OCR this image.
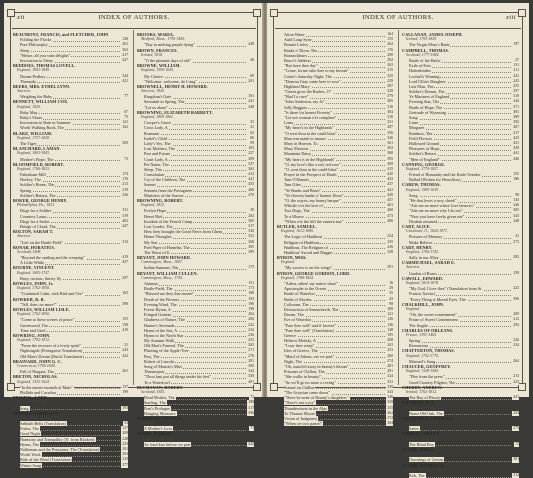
xii	INDEX OF AUTHORS.
BEAUMONT, FRANCIS, and FLETCHER, JOHN
Folding the Flocks	128
Pure Philosophy	201
Sleep	363
"Hence, all you vain delights"	417
Invocation to Sleep	427
BEDDOES, THOMAS LOVELL.
England, 1803-1849.
Dream-Pedlary	344
Threnody	421
BEERS, MRS. ETHEL LYNN.
America.
Weighing the Baby	77
BENNETT, WILLIAM COX.
England, 1820.
Baby May	67
Baby's Shoes	75
Invocation to Rain in Summer	141
Worth Walking Rook, The	162
BLAKE, WILLIAM.
England, 1757-1828.
The Tiger	300
BLANCHARD, LAMAN.
England, 1803-1845.
Mother's Hope, The	73
BLOOMFIELD, ROBERT.
England, 1766-1823.
Fakenham Mill	174
Horkey, The	176
Soldier's Home, The	213
Spring	219
Soldier's Return, The	236
BOKER, GEORGE HENRY.
Philadelphia, Pa., 1823.
Dirge for a Soldier	311
Countess Laura	319
Dirge for a Sailor	402
Bridge of Cloud, The	447
BOLTON, SARAH T.
America.
"Left on the Battle-Field"	313
BONAR, HORATIUS.
Scotland, 1808.
"Beyond the smiling and the weeping"	419
A Little While	457
BOURNE, VINCENT.
England, 1695-1747.
Busy, curious, thirsty fly	297
BOWLES, JOHN, Jr.
England, 1762-1850.
"Continued Calm, with Bird and Ore"	165
BOWKER, R. R.
"Tell, then, no more!"	398
BOWLES, WILLIAM LISLE.
England, 1762-1850.
"Come to these scenes of peace"	155
Greenwood, The	158
Time and Grief	410
BOWRING, JOHN.
England, 1792-1872.
"From the recesses of a lowly spirit"	21
Nightingale (Portuguese Translation)	243
Old Man's Dream (Dutch Translation)	422
BRAINARD, JOHN G. C.
Connecticut, 1796-1828.
Fall of Niagara, The	261
BRETON, NICHOLAS.
England, 1555-1624.
"In the merrie moneth of Maie"	137
Phillida and Corydon	199
BRISTOL, LORD.
England, 1580-1653.
Song	393
BROOKS, CHARLES T.
Salem, Mass., 1813.
Sabbath Bells (Translation)	53
Fisher, The	127
Good Night	209
Harmony and Tranquility (Tr. from Rückert)	228
Hymn, The	233
Nobleman and the Pensioner, The (Translation)	281
Worth Work	303
Ride of the Wind (Translation)	325
Winter Song	377
BROOKS, MARIA.
Medford, Mass., 1795-1845.
"Day in melting purple dying"	438
BROWN, FRANCES.
Ireland, 1818.
"O the pleasant days of old"	46
BROWNE, WILLIAM.
England, 1590-1645.
My Choice	69
"Welcome, welcome, do I sing"	201
BROWNELL, HENRY H. HOWARD.
America, 1820.
Kingdom's Gate	101
Serenade in Spring, The	241
"Let us alone"	348
BROWNING, ELIZABETH BARRETT.
England, 1809-1861.
Cowper's Grave	33
Cross Lady, A	41
Romaunt	63
Isobel's Child	86
Lady's Yes, The	99
Lost Mothers, The	103
Past and Future	227
Court Lady, A	309
Pet Name, The	337
Sleep, The	362
Consolation	413
Cry of the Children, The	441
Sonnet	455
Sonnets from the Portuguese	466
Ministers of the Sorrow	470
BROWNING, ROBERT.
England, 1812.
Evelyn Hope	39
Hervé Riel	282
Incident of the French Camp	305
Lost Leader, The	317
How they brought the Good News from Ghent	330
Home-Thoughts	352
My Star	368
Pied Piper of Hamelin, The	385
The Worst of It	399
BRYANT, JOHN HOWARD.
Cummington, Mass., 1807.
Indian Summer, The	175
BRYANT, WILLIAM CULLEN.
Cummington, Mass., 1794.
Autumn	151
Battle-Field, The	173
"Blessed are they that mourn"	188
Death of the Flowers	193
Evening Wind, The	196
Forest Hymn, A	198
Fringed Gentian	204
Gladness of Nature, The	206
Hunter's Serenade	222
Hymn of the Sea, A	232
Hymn to the North Star	236
My Autumn Walk	253
Old Man's Funeral, The	265
Planting of the Apple-Tree	271
Past, The	276
Robert of Lincoln	291
Song of Marion's Men	300
Thanatopsis	344
"Thou hast put all things under his feet"	358
To a Waterfowl	401
BUCHANAN, ROBERT.
Scotland, 1841.
Dead Mother, The	72
Starling, The	188
Poet's Prologue	317
Hanging Measures	396
BURBIDGE, THOMAS.
England.
A Mother's Love	71
BURNS, ROBERT.
Scotland, 1759-1796.
Ae fond kiss before we part	443
INDEX OF AUTHORS.	xiii
Afton Water	164
Auld Lang Syne	155
Bonnie Lesley	262
Banks o' Doon, The	176
Bannockburn	290
Bruce's Address	292
"But have thee day"	263
"Come, let me take thee to my bosom"	315
Cotter's Saturday Night, The	325
"Duncan Gray came here to woo"	229
Highland Mary	287
"Green grow the Rashes, O"	329
"Had I a cave"	379
"John Anderson, my Jo"	385
Jolly Beggars	316
"Is there for honest Poverty"	304
"Let not woman e'er complain"	310
Lines	331
"My heart's in the Highlands"	287
"O wert thou in the cauld blast"	356
Man was made to mourn	346
Mary in Heaven, To	361
Mary Morison	363
Mountain Daisy	368
"My heart is in the Highlands"	395
"O, my luve's like a red, red rose"	409
"O, wert thou in the cauld blast"	415
Prayer in the Prospect of Death	420
Tam O'Shanter	433
Tam Glen	437
"Ye Banks and Braes"	441
"Ye flowery banks o' bonnie Doon"	449
"O, the wayes, my bonny barque"	457
Whistle o'er the lave o't	461
Twa Dogs, The	468
To a Mouse	473
"When o'er the hill the eastern star"	480
BUTLER, SAMUEL.
England, 1612-1680.
The Logic of Hudibras	234
Religion of Hudibras	235
Hudibras, The Religion of	236
Hudibras' Sword and Dagger	238
BYRON, MISS.
England.
"My sorrow is on the wings"	291
BYRON, GEORGE GORDON, LORD.
England, 1788-1824.
"Adieu, adieu! my native shore"	16
Apostrophe to the Ocean	29
Battle of Waterloo	35
Bride of Abydos	43
Coliseum, The	98
Destruction of Sennacherib, The	108
Dream, The	121
Eve of Waterloo	126
"Fare thee well! and if forever"	146
"Fare thee well" (Translation)	148
Greece	195
Hebrew Melody, A	208
"I saw thee weep"	241
Isles of Greece, The	253
"Maid of Athens, ere we part"	260
Night, The	274
"Oh, snatch'd away in beauty's bloom"	281
Prisoner of Chillon, The	291
"She walks in beauty"	324
"So we'll go no more a roving"	331
Sonnet on Chillon	339
"The Assyrian came down"	343
"There be none of Beauty's daughters"	346
"There's not a joy"	350
Thunderstorm in the Alps	355
To Thomas Moore	362
Vision of Judgment	372
"When we two parted"	384
CALLANAN, JAMES JOSEPH.
Ireland, 1795-1829.
The Virgin Mary's Bank	197
CAMPBELL, THOMAS.
Scotland, 1777-1844.
Battle of the Baltic	27
Exile of Erin	131
Hohenlinden	211
Lochiel's Warning	241
Lord Ullin's Daughter	245
Last Man, The	255
Soldier's Dream, The	297
Ye Mariners of England	310
Evening Star, The	344
Battle of Hope, The	371
Gertrude of Wyoming	381
Song	389
Lines	392
Margaret	407
Rainbow, The	417
Field Flowers	423
Hallowed Ground	431
Pleasures of Hope	438
Soldier's Return	441
"Men of England"	446
CANNING, GEORGE.
England, 1770-1827.
Friend of Humanity and the Knife-Grinder	155
Ballad (Written for Heraclitus)	186
CAREW, THOMAS.
England, 1589-1639.
Song	98
"He that loves a rosy cheek"	143
"Ask me no more where Jove bestows"	246
"Ask me no more why I do not"	305
"Now you have freely given me"	343
Disdain returned	348
CARY, ALICE.
Cincinnati, O., 1820-1871.
Pictures of Memory	41
Make Believe	273
CARY, HENRY.
England, 1700-1743.
Sally in our Alley	283
CARMICHAEL, SARAH E.
America.
Garden of Roses	158
CAWALL, EDWARD.
England, 1814-1878.
"My God, I love thee" (Translation from St.	223
Francis Xavier)
"Every Thing is Mortal Eyes, The	396
CHALKHILL, JOHN.
England.
"Oh, the sweet contentment"	209
Praise of Sweet Contentment	212
The Angler	294
CHARLES OF ORLEANS.
France, 1391-1465.
Spring	226
Renouveau	234
CHATTERTON, THOMAS.
England, 1752-1770.
Minstrel's Song	264
CHAUCER, GEOFFREY.
England, 1328-1400.
"Flee from the press"	213
Good Country Pilgrim, The	223
CHERRY, ANDREW.
Ireland, 1762-1812.
The Bay of Biscay	431
CHORLEY, H. F.
England, 1808-1872.
Brave Old Oak, The	254
CHURCHILL, CHARLES.
England, 1731-1764.
Satire	275
CIBBER, COLLEY.
England, 1671-1757.
The Blind Boy	72
CLARE, JOHN.
England, 1793-1864.
Dawnings of Genius	301
CLARK, GEORGE H.
Hartford, Conn., 1809.
Rob, The	312
